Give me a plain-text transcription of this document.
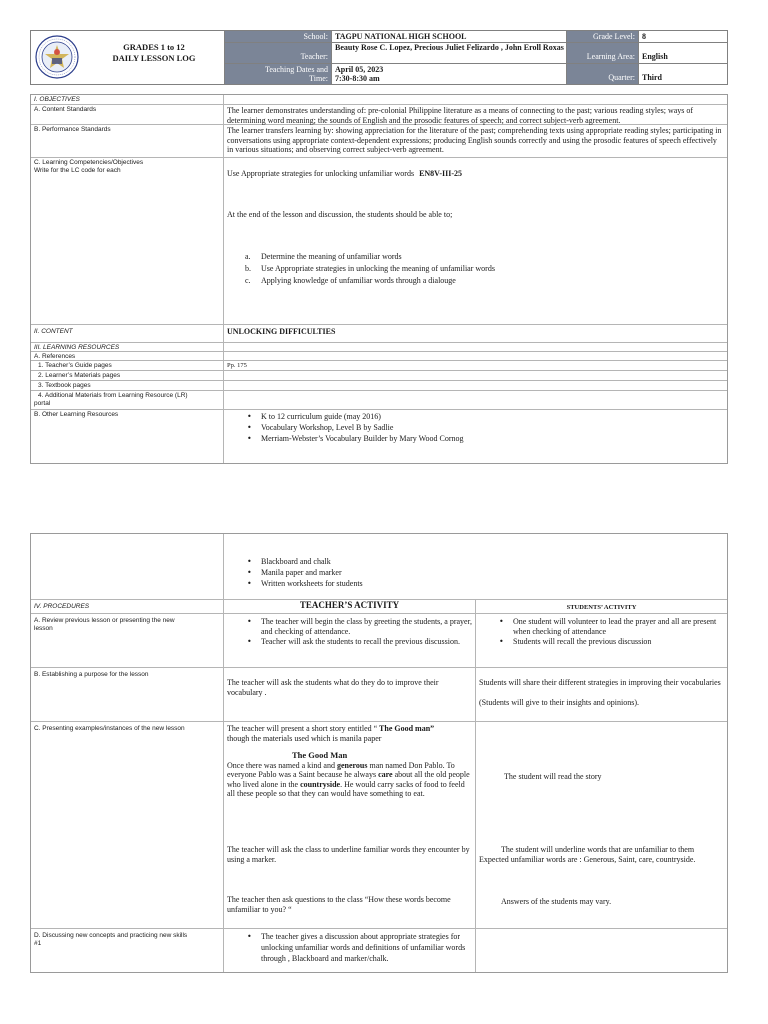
GRADES 1 to 12
DAILY LESSON LOG
School: TAGPU NATIONAL HIGH SCHOOL	Grade Level: 8
Teacher:
Beauty Rose C. Lopez, Precious Juliet Felizardo , John Eroll Roxas
Learning Area: English
Teaching Dates and
Time:
April 05, 2023
7:30-8:30 am	Quarter: Third
I. OBJECTIVES
A. Content Standards	The learner demonstrates understanding of: pre-colonial Philippine literature as a means of connecting to the past; various reading styles; ways of determining word meaning; the sounds of English and the prosodic features of speech; and correct subject-verb agreement.
B. Performance Standards	The learner transfers learning by: showing appreciation for the literature of the past; comprehending texts using appropriate reading styles; participating in conversations using appropriate context-dependent expressions; producing English sounds correctly and using the prosodic features of speech effectively in various situations; and observing correct subject-verb agreement.
C. Learning Competencies/Objectives
Write for the LC code for each	Use Appropriate strategies for unlocking unfamiliar words EN8V-III-25
At the end of the lesson and discussion, the students should be able to;
a. Determine the meaning of unfamiliar words
b. Use Appropriate strategies in unlocking the meaning of unfamiliar words
c. Applying knowledge of unfamiliar words through a dialouge
II. CONTENT	UNLOCKING DIFFICULTIES
III. LEARNING RESOURCES
A. References
1. Teacher’s Guide pages	Pp. 175
2. Learner’s Materials pages
3. Textbook pages
4. Additional Materials from Learning Resource (LR)
portal
B. Other Learning Resources
•	K to 12 curriculum guide (may 2016)
• Vocabulary Workshop, Level B by Sadlie
• Merriam-Webster’s Vocabulary Builder by Mary Wood Cornog
• Blackboard and chalk
• Manila paper and marker
• Written worksheets for students
IV. PROCEDURES	TEACHER’S ACTIVITY	STUDENTS’ ACTIVITY
A. Review previous lesson or presenting the new
lesson
• The teacher will begin the class by greeting the students, a prayer, and checking of attendance.
• Teacher will ask the students to recall the previous discussion.
• One student will volunteer to lead the prayer and all are present when checking of attendance
• Students will recall the previous discussion
B. Establishing a purpose for the lesson
The teacher will ask the students what do they do to improve their vocabulary .
Students will share their different strategies in improving their vocabularies
(Students will give to their insights and opinions).
C. Presenting examples/instances of the new lesson	The teacher will present a short story entitled “ The Good man”
though the materials used which is manila paper
The Good Man
Once there was named a kind and generous man named Don Pablo. To everyone Pablo was a Saint because he always care about all the old people who lived alone in the countryside. He would carry sacks of food to feeld all these people so that they can would have something to eat.
The teacher will ask the class to underline familiar words they encounter by using a marker.
The teacher then ask questions to the class “How these words become unfamiliar to you? “
The student will read the story
The student will underline words that are unfamiliar to them
Expected unfamiliar words are : Generous, Saint, care, countryside.
Answers of the students may vary.
D. Discussing new concepts and practicing new skills
#1
• The teacher gives a discussion about appropriate strategies for unlocking unfamiliar words and definitions of unfamiliar words through , Blackboard and marker/chalk.
